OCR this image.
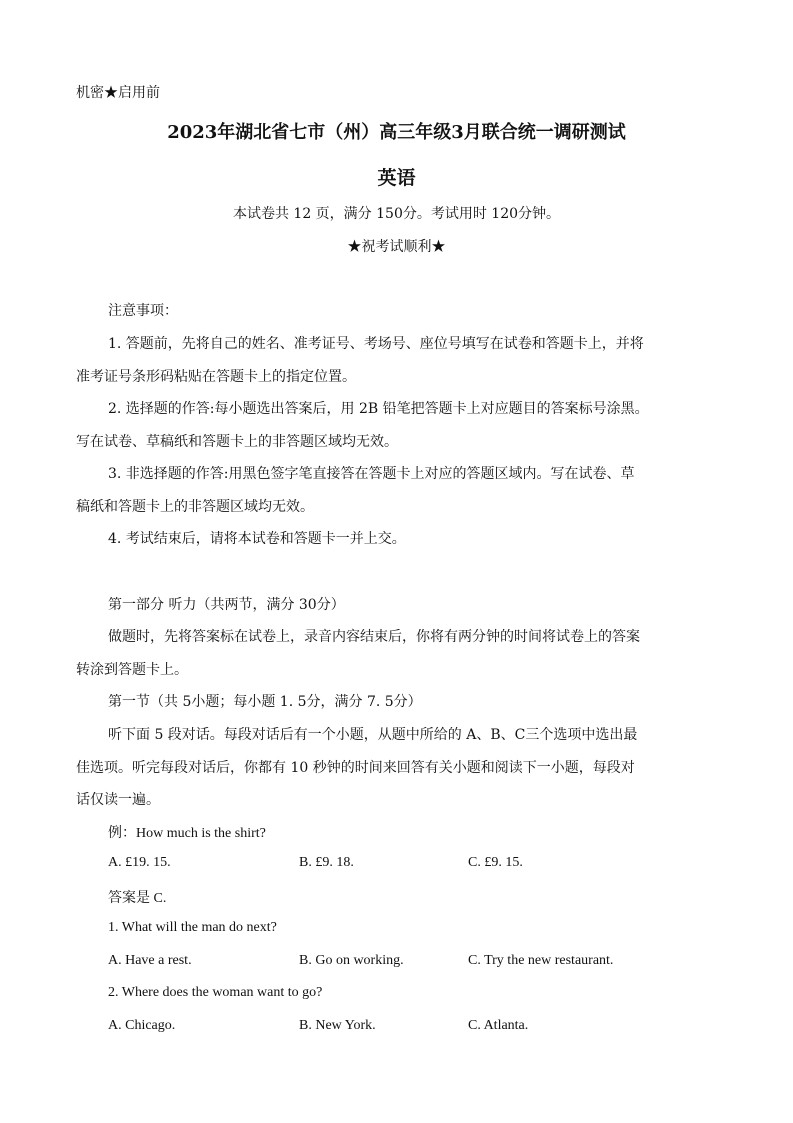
机密★启用前
2023年湖北省七市（州）高三年级3月联合统一调研测试
英语
本试卷共 12 页，满分 150分。考试用时 120分钟。
★祝考试顺利★
注意事项：
1. 答题前，先将自己的姓名、准考证号、考场号、座位号填写在试卷和答题卡上，并将
准考证号条形码粘贴在答题卡上的指定位置。
2. 选择题的作答:每小题选出答案后，用 2B 铅笔把答题卡上对应题目的答案标号涂黑。
写在试卷、草稿纸和答题卡上的非答题区域均无效。
3. 非选择题的作答:用黑色签字笔直接答在答题卡上对应的答题区域内。写在试卷、草
稿纸和答题卡上的非答题区域均无效。
4. 考试结束后，请将本试卷和答题卡一并上交。
第一部分 听力（共两节，满分 30分）
做题时，先将答案标在试卷上，录音内容结束后，你将有两分钟的时间将试卷上的答案
转涂到答题卡上。
第一节（共 5小题；每小题 1. 5分，满分 7. 5分）
听下面 5 段对话。每段对话后有一个小题，从题中所给的 A、B、C三个选项中选出最
佳选项。听完每段对话后，你都有 10 秒钟的时间来回答有关小题和阅读下一小题，每段对
话仅读一遍。
例：How much is the shirt?
A. £19. 15.	B. £9. 18.	C. £9. 15.
答案是 C.
1. What will the man do next?
A. Have a rest.	B. Go on working.	C. Try the new restaurant.
2. Where does the woman want to go?
A. Chicago.	B. New York.	C. Atlanta.
